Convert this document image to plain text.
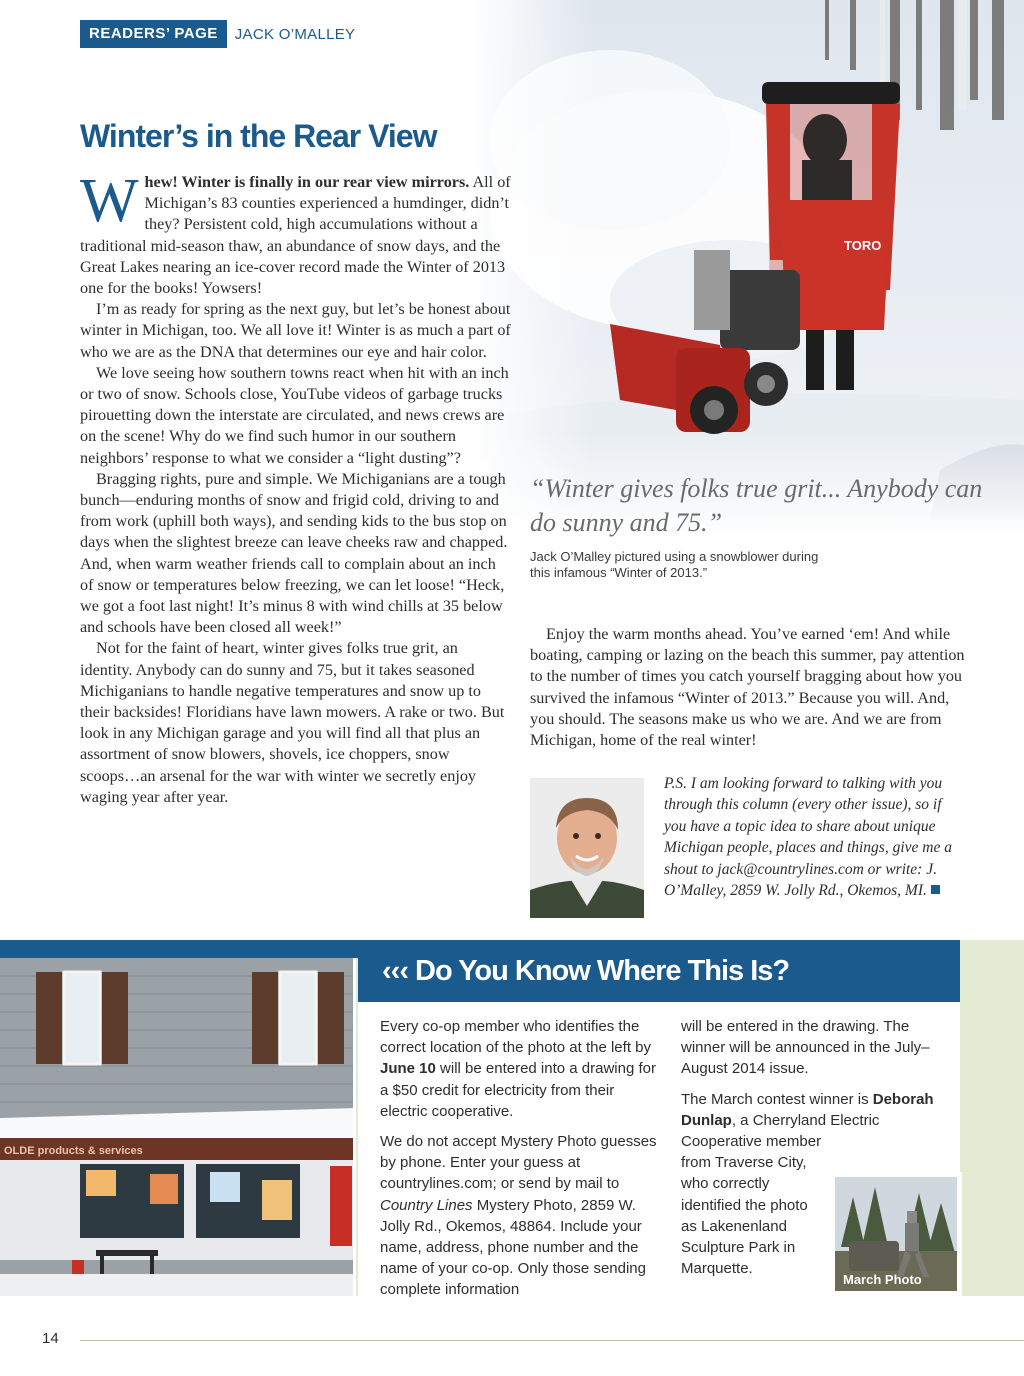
READERS’ PAGE	JACK O’MALLEY
Winter’s in the Rear View

Whew! Winter is finally in our rear view mirrors. All of Michigan’s 83 counties experienced a humdinger, didn’t they? Persistent cold, high accumulations without a traditional mid-season thaw, an abundance of snow days, and the Great Lakes nearing an ice-cover record made the Winter of 2013 one for the books! Yowsers!

I’m as ready for spring as the next guy, but let’s be honest about winter in Michigan, too. We all love it! Winter is as much a part of who we are as the DNA that determines our eye and hair color.

We love seeing how southern towns react when hit with an inch or two of snow. Schools close, YouTube videos of garbage trucks pirouetting down the interstate are circulated, and news crews are on the scene! Why do we find such humor in our southern neighbors’ response to what we consider a “light dusting”?

Bragging rights, pure and simple. We Michiganians are a tough bunch—enduring months of snow and frigid cold, driving to and from work (uphill both ways), and sending kids to the bus stop on days when the slightest breeze can leave cheeks raw and chapped. And, when warm weather friends call to complain about an inch of snow or temperatures below freezing, we can let loose! “Heck, we got a foot last night! It’s minus 8 with wind chills at 35 below and schools have been closed all week!”

Not for the faint of heart, winter gives folks true grit, an identity. Anybody can do sunny and 75, but it takes seasoned Michiganians to handle negative temperatures and snow up to their backsides! Floridians have lawn mowers. A rake or two. But look in any Michigan garage and you will find all that plus an assortment of snow blowers, shovels, ice choppers, snow scoops…an arsenal for the war with winter we secretly enjoy waging year after year.

“Winter gives folks true grit... Anybody can do sunny and 75.”
Jack O’Malley pictured using a snowblower during this infamous “Winter of 2013.”

Enjoy the warm months ahead. You’ve earned ‘em! And while boating, camping or lazing on the beach this summer, pay attention to the number of times you catch yourself bragging about how you survived the infamous “Winter of 2013.” Because you will. And, you should. The seasons make us who we are. And we are from Michigan, home of the real winter!

P.S. I am looking forward to talking with you through this column (every other issue), so if you have a topic idea to share about unique Michigan people, places and things, give me a shout to jack@countrylines.com or write: J. O’Malley, 2859 W. Jolly Rd., Okemos, MI.
OLDE products & services
‹‹‹ Do You Know Where This Is?

Every co-op member who identifies the correct location of the photo at the left by June 10 will be entered into a drawing for a $50 credit for electricity from their electric cooperative.

We do not accept Mystery Photo guesses by phone. Enter your guess at countrylines.com; or send by mail to Country Lines Mystery Photo, 2859 W. Jolly Rd., Okemos, 48864. Include your name, address, phone number and the name of your co-op. Only those sending complete information

will be entered in the drawing. The winner will be announced in the July–August 2014 issue.

The March contest winner is Deborah Dunlap, a Cherryland Electric Cooperative member

from Traverse City, who correctly identified the photo as Lakenenland Sculpture Park in Marquette.

March Photo
14
